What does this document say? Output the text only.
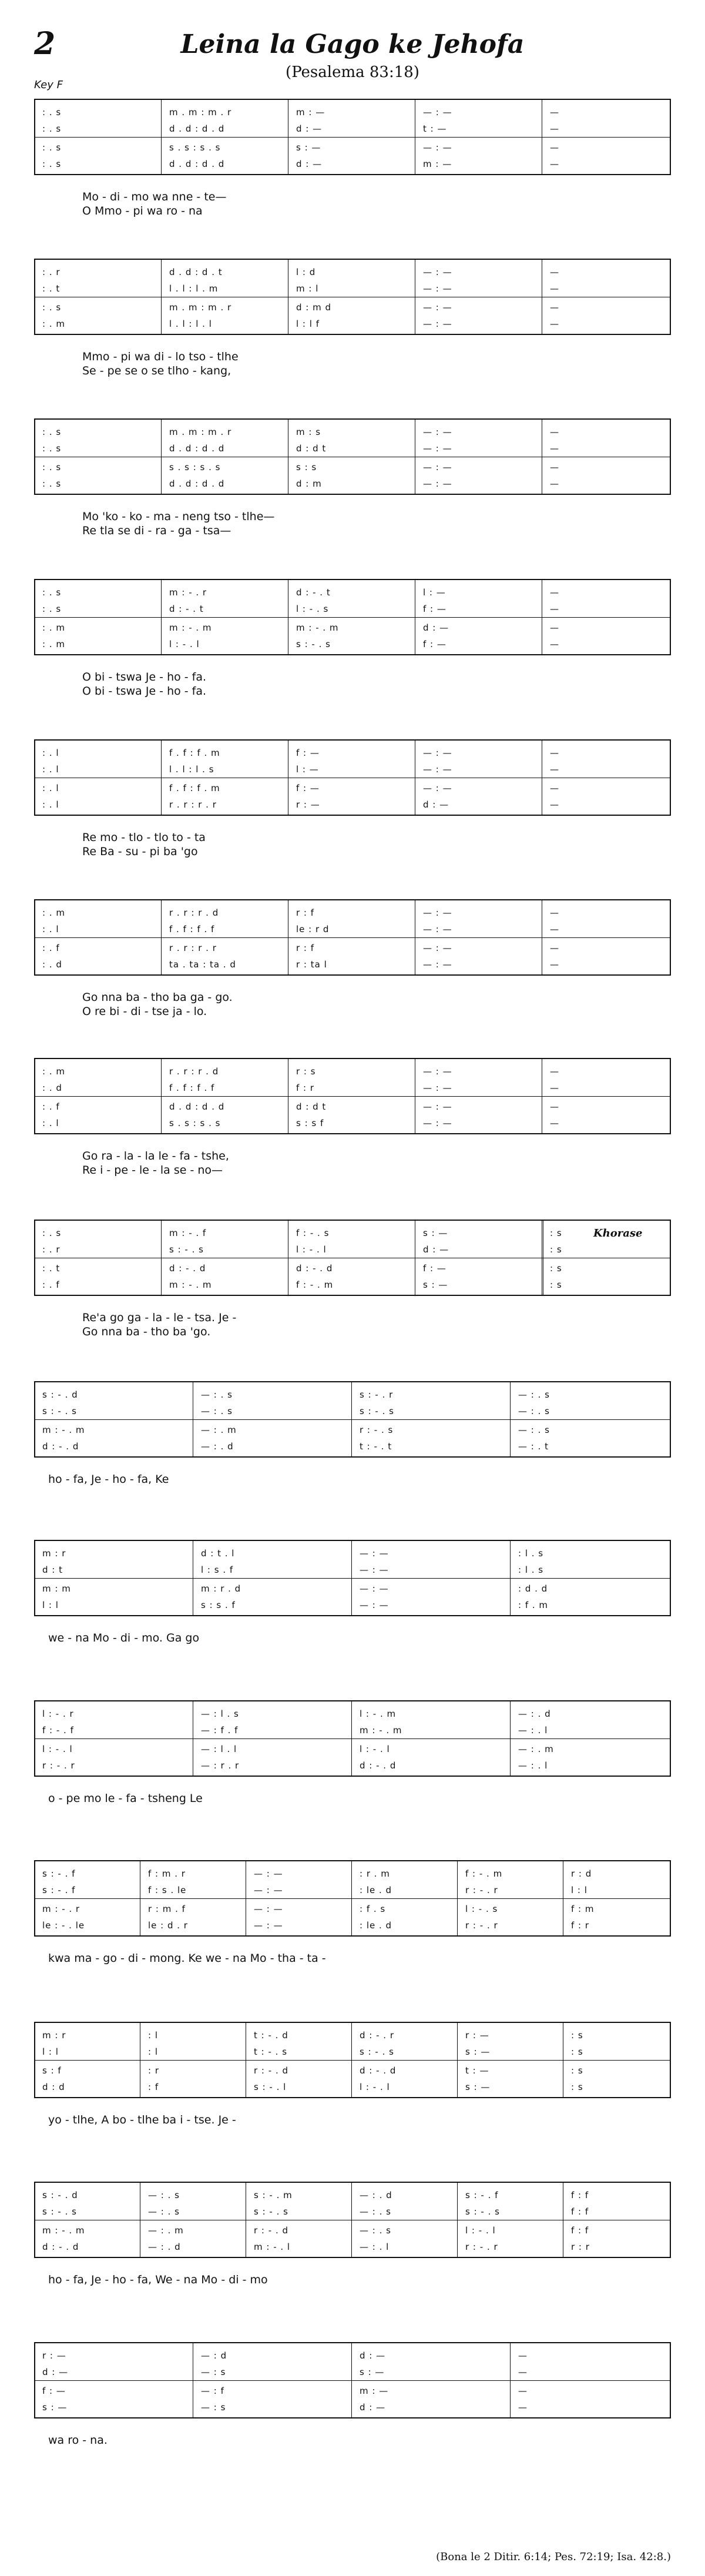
2	Leina la Gago ke Jehofa
(Pesalema 83:18)
Key F
Khorase
: . s	m . m : m . r	m : —	— : —	—
: . s	d . d : d . d	d : —	t : —	—
: . s	s . s : s . s	s : —	— : —	—
: . s	d . d : d . d	d : —	m : —	—
Mo - di - mo wa nne - te—
O Mmo - pi wa ro - na
: . r	d . d : d . t	l : d	— : —	—
: . t	l . l : l . m	m : l	— : —	—
: . s	m . m : m . r	d : m d	— : —	—
: . m	l . l : l . l	l : l f	— : —	—
Mmo - pi wa di - lo tso - tlhe
Se - pe se o se tlho - kang,
: . s	m . m : m . r	m : s	— : —	—
: . s	d . d : d . d	d : d t	— : —	—
: . s	s . s : s . s	s : s	— : —	—
: . s	d . d : d . d	d : m	— : —	—
Mo 'ko - ko - ma - neng tso - tlhe—
Re tla se di - ra - ga - tsa—
: . s	m : - . r	d : - . t	l : —	—
: . s	d : - . t	l : - . s	f : —	—
: . m	m : - . m	m : - . m	d : —	—
: . m	l : - . l	s : - . s	f : —	—
O bi - tswa Je - ho - fa.
O bi - tswa Je - ho - fa.
: . l	f . f : f . m	f : —	— : —	—
: . l	l . l : l . s	l : —	— : —	—
: . l	f . f : f . m	f : —	— : —	—
: . l	r . r : r . r	r : —	d : —	—
Re mo - tlo - tlo to - ta
Re Ba - su - pi ba 'go
: . m	r . r : r . d	r : f	— : —	—
: . l	f . f : f . f	le : r d	— : —	—
: . f	r . r : r . r	r : f	— : —	—
: . d	ta . ta : ta . d	r : ta l	— : —	—
Go nna ba - tho ba ga - go.
O re bi - di - tse ja - lo.
: . m	r . r : r . d	r : s	— : —	—
: . d	f . f : f . f	f : r	— : —	—
: . f	d . d : d . d	d : d t	— : —	—
: . l	s . s : s . s	s : s f	— : —	—
Go ra - la - la le - fa - tshe,
Re i - pe - le - la se - no—
: . s	m : - . f	f : - . s	s : —	: s
: . r	s : - . s	l : - . l	d : —	: s
: . t	d : - . d	d : - . d	f : —	: s
: . f	m : - . m	f : - . m	s : —	: s
Re'a go ga - la - le - tsa. Je -
Go nna ba - tho ba 'go.
s : - . d	— : . s	s : - . r	— : . s
s : - . s	— : . s	s : - . s	— : . s
m : - . m	— : . m	r : - . s	— : . s
d : - . d	— : . d	t : - . t	— : . t
ho - fa, Je - ho - fa, Ke
m : r	d : t . l	— : —	: l . s
d : t	l : s . f	— : —	: l . s
m : m	m : r . d	— : —	: d . d
l : l	s : s . f	— : —	: f . m
we - na Mo - di - mo. Ga go
l : - . r	— : l . s	l : - . m	— : . d
f : - . f	— : f . f	m : - . m	— : . l
l : - . l	— : l . l	l : - . l	— : . m
r : - . r	— : r . r	d : - . d	— : . l
o - pe mo le - fa - tsheng Le
s : - . f	f : m . r	— : —	: r . m	f : - . m	r : d
s : - . f	f : s . le	— : —	: le . d	r : - . r	l : l
m : - . r	r : m . f	— : —	: f . s	l : - . s	f : m
le : - . le	le : d . r	— : —	: le . d	r : - . r	f : r
kwa ma - go - di - mong. Ke we - na Mo - tha - ta -
m : r	: l	t : - . d	d : - . r	r : —	: s
l : l	: l	t : - . s	s : - . s	s : —	: s
s : f	: r	r : - . d	d : - . d	t : —	: s
d : d	: f	s : - . l	l : - . l	s : —	: s
yo - tlhe, A bo - tlhe ba i - tse. Je -
s : - . d	— : . s	s : - . m	— : . d	s : - . f	f : f
s : - . s	— : . s	s : - . s	— : . s	s : - . s	f : f
m : - . m	— : . m	r : - . d	— : . s	l : - . l	f : f
d : - . d	— : . d	m : - . l	— : . l	r : - . r	r : r
ho - fa, Je - ho - fa, We - na Mo - di - mo
r : —	— : d	d : —	—
d : —	— : s	s : —	—
f : —	— : f	m : —	—
s : —	— : s	d : —	—
wa ro - na.
(Bona le 2 Ditir. 6:14; Pes. 72:19; Isa. 42:8.)
